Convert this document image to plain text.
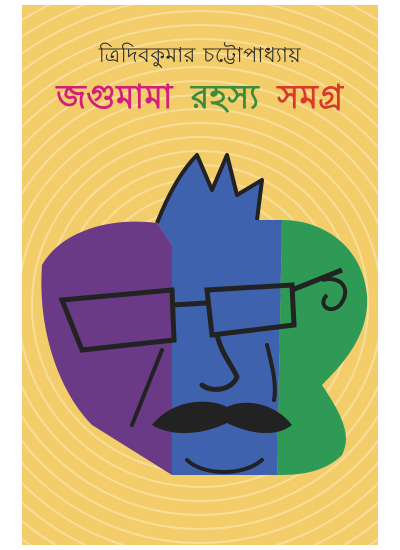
ত্রিদিবকুমার চট্টোপাধ্যায়
জগুমামা রহস্য সমগ্র
